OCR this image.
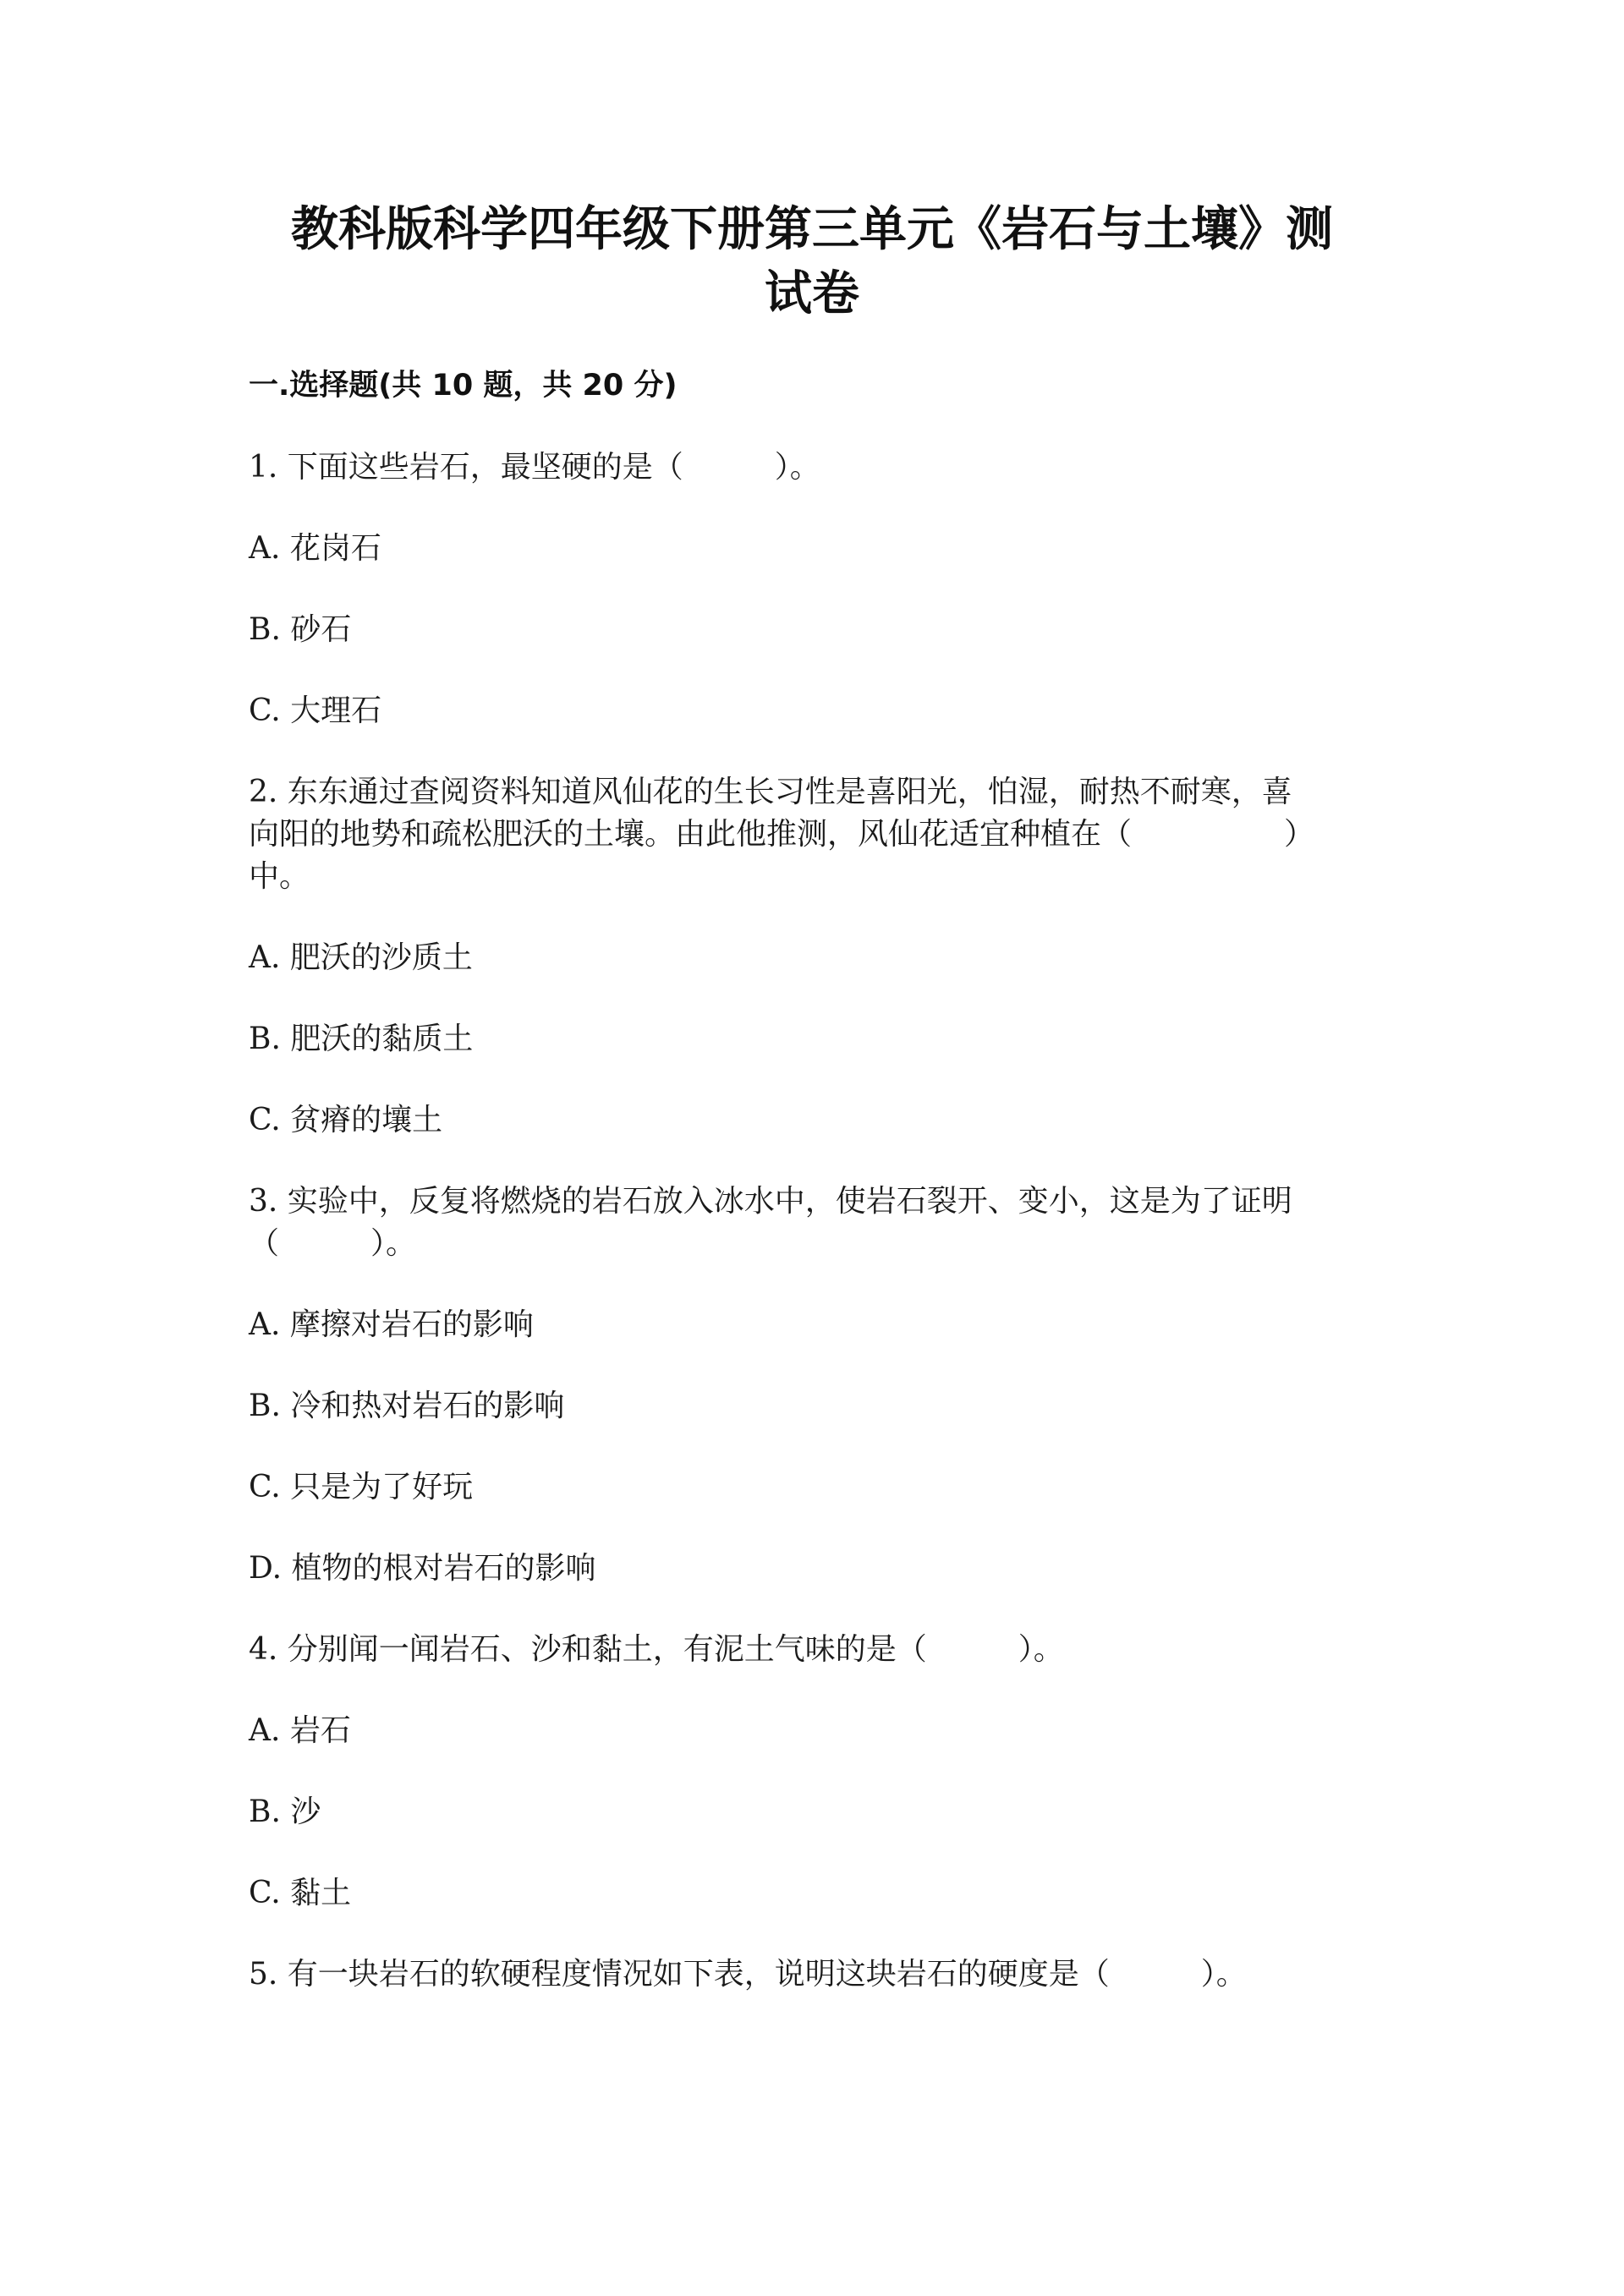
教科版科学四年级下册第三单元《岩石与土壤》测
试卷
一.选择题(共 10 题，共 20 分)
1. 下面这些岩石，最坚硬的是（　　　）。
A. 花岗石
B. 砂石
C. 大理石
2. 东东通过查阅资料知道风仙花的生长习性是喜阳光，怕湿，耐热不耐寒，喜
向阳的地势和疏松肥沃的土壤。由此他推测，风仙花适宜种植在（　　　　　）
中。
A. 肥沃的沙质土
B. 肥沃的黏质土
C. 贫瘠的壤土
3. 实验中，反复将燃烧的岩石放入冰水中，使岩石裂开、变小，这是为了证明
（　　　）。
A. 摩擦对岩石的影响
B. 冷和热对岩石的影响
C. 只是为了好玩
D. 植物的根对岩石的影响
4. 分别闻一闻岩石、沙和黏土，有泥土气味的是（　　　）。
A. 岩石
B. 沙
C. 黏土
5. 有一块岩石的软硬程度情况如下表，说明这块岩石的硬度是（　　　）。
